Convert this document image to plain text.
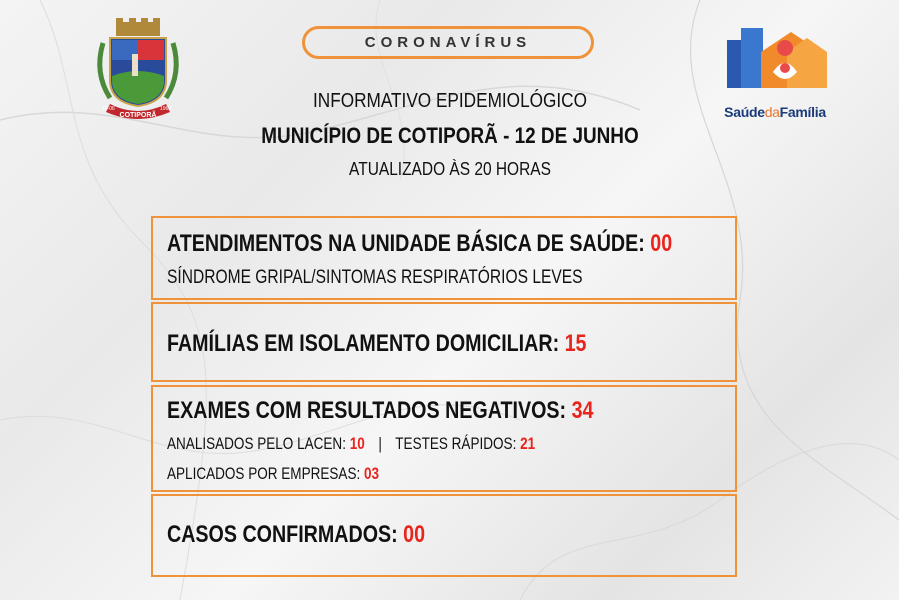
COTIPORÃ
12-06	1962	SaúdedaFamília
CORONAVÍRUS
INFORMATIVO EPIDEMIOLÓGICO
MUNICÍPIO DE COTIPORÃ - 12 DE JUNHO
ATUALIZADO ÀS 20 HORAS
ATENDIMENTOS NA UNIDADE BÁSICA DE SAÚDE: 00
SÍNDROME GRIPAL/SINTOMAS RESPIRATÓRIOS LEVES
FAMÍLIAS EM ISOLAMENTO DOMICILIAR: 15
EXAMES COM RESULTADOS NEGATIVOS: 34
ANALISADOS PELO LACEN: 10 | TESTES RÁPIDOS: 21
APLICADOS POR EMPRESAS: 03
CASOS CONFIRMADOS: 00
